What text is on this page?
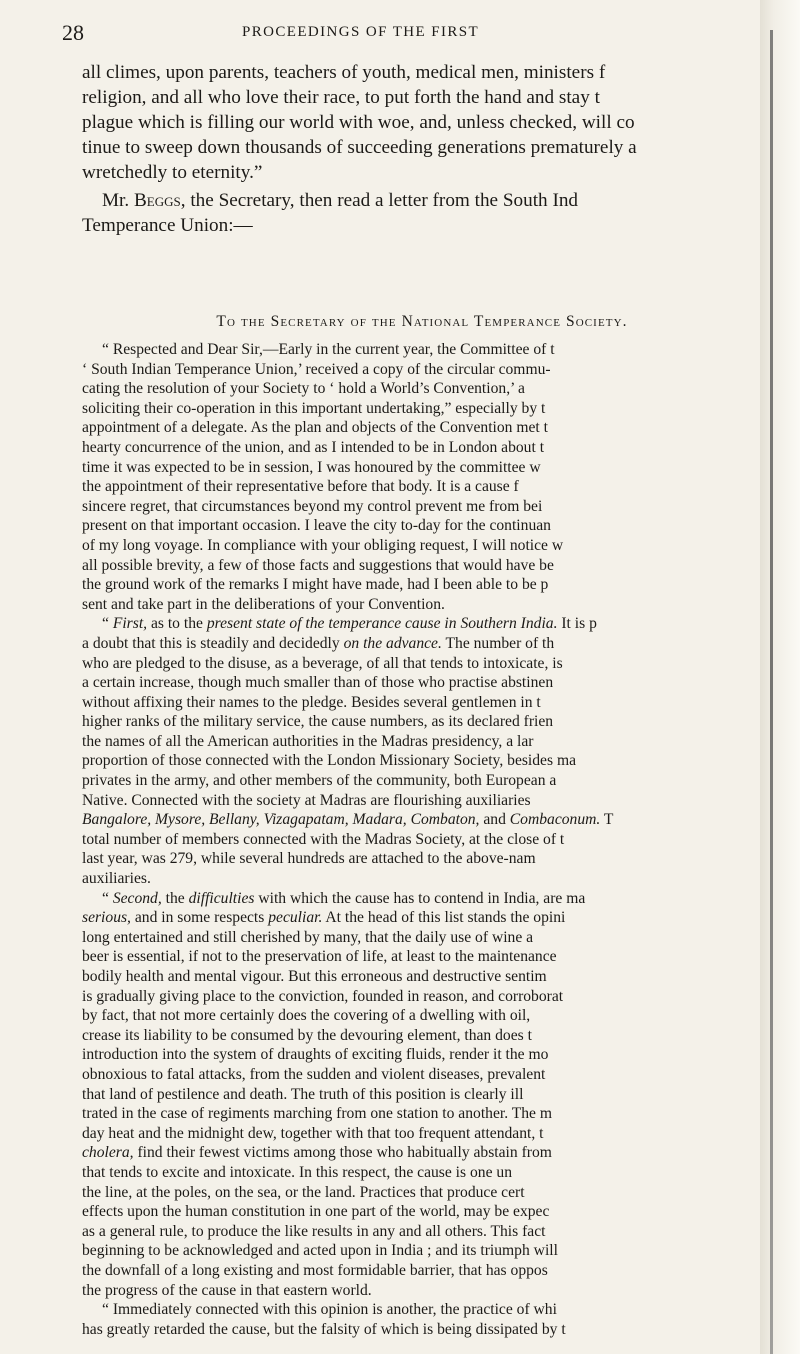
28	PROCEEDINGS OF THE FIRST

all climes, upon parents, teachers of youth, medical men, ministers f

religion, and all who love their race, to put forth the hand and stay t

plague which is filling our world with woe, and, unless checked, will co

tinue to sweep down thousands of succeeding generations prematurely a

wretchedly to eternity.”

Mr. Beggs, the Secretary, then read a letter from the South Ind

Temperance Union:—

To the Secretary of the National Temperance Society.

“ Respected and Dear Sir,—Early in the current year, the Committee of t

‘ South Indian Temperance Union,’ received a copy of the circular commu-

cating the resolution of your Society to ‘ hold a World’s Convention,’ a

soliciting their co-operation in this important undertaking,” especially by t

appointment of a delegate. As the plan and objects of the Convention met t

hearty concurrence of the union, and as I intended to be in London about t

time it was expected to be in session, I was honoured by the committee w

the appointment of their representative before that body. It is a cause f

sincere regret, that circumstances beyond my control prevent me from bei

present on that important occasion. I leave the city to-day for the continuan

of my long voyage. In compliance with your obliging request, I will notice w

all possible brevity, a few of those facts and suggestions that would have be

the ground work of the remarks I might have made, had I been able to be p

sent and take part in the deliberations of your Convention.

“ First, as to the present state of the temperance cause in Southern India. It is p

a doubt that this is steadily and decidedly on the advance. The number of th

who are pledged to the disuse, as a beverage, of all that tends to intoxicate, is

a certain increase, though much smaller than of those who practise abstinen

without affixing their names to the pledge. Besides several gentlemen in t

higher ranks of the military service, the cause numbers, as its declared frien

the names of all the American authorities in the Madras presidency, a lar

proportion of those connected with the London Missionary Society, besides ma

privates in the army, and other members of the community, both European a

Native. Connected with the society at Madras are flourishing auxiliaries

Bangalore, Mysore, Bellany, Vizagapatam, Madara, Combaton, and Combaconum. T

total number of members connected with the Madras Society, at the close of t

last year, was 279, while several hundreds are attached to the above-nam

auxiliaries.

“ Second, the difficulties with which the cause has to contend in India, are ma

serious, and in some respects peculiar. At the head of this list stands the opini

long entertained and still cherished by many, that the daily use of wine a

beer is essential, if not to the preservation of life, at least to the maintenance

bodily health and mental vigour. But this erroneous and destructive sentim

is gradually giving place to the conviction, founded in reason, and corroborat

by fact, that not more certainly does the covering of a dwelling with oil,

crease its liability to be consumed by the devouring element, than does t

introduction into the system of draughts of exciting fluids, render it the mo

obnoxious to fatal attacks, from the sudden and violent diseases, prevalent

that land of pestilence and death. The truth of this position is clearly ill

trated in the case of regiments marching from one station to another. The m

day heat and the midnight dew, together with that too frequent attendant, t

cholera, find their fewest victims among those who habitually abstain from

that tends to excite and intoxicate. In this respect, the cause is one un

the line, at the poles, on the sea, or the land. Practices that produce cert

effects upon the human constitution in one part of the world, may be expec

as a general rule, to produce the like results in any and all others. This fact

beginning to be acknowledged and acted upon in India ; and its triumph will

the downfall of a long existing and most formidable barrier, that has oppos

the progress of the cause in that eastern world.

“ Immediately connected with this opinion is another, the practice of whi

has greatly retarded the cause, but the falsity of which is being dissipated by t
